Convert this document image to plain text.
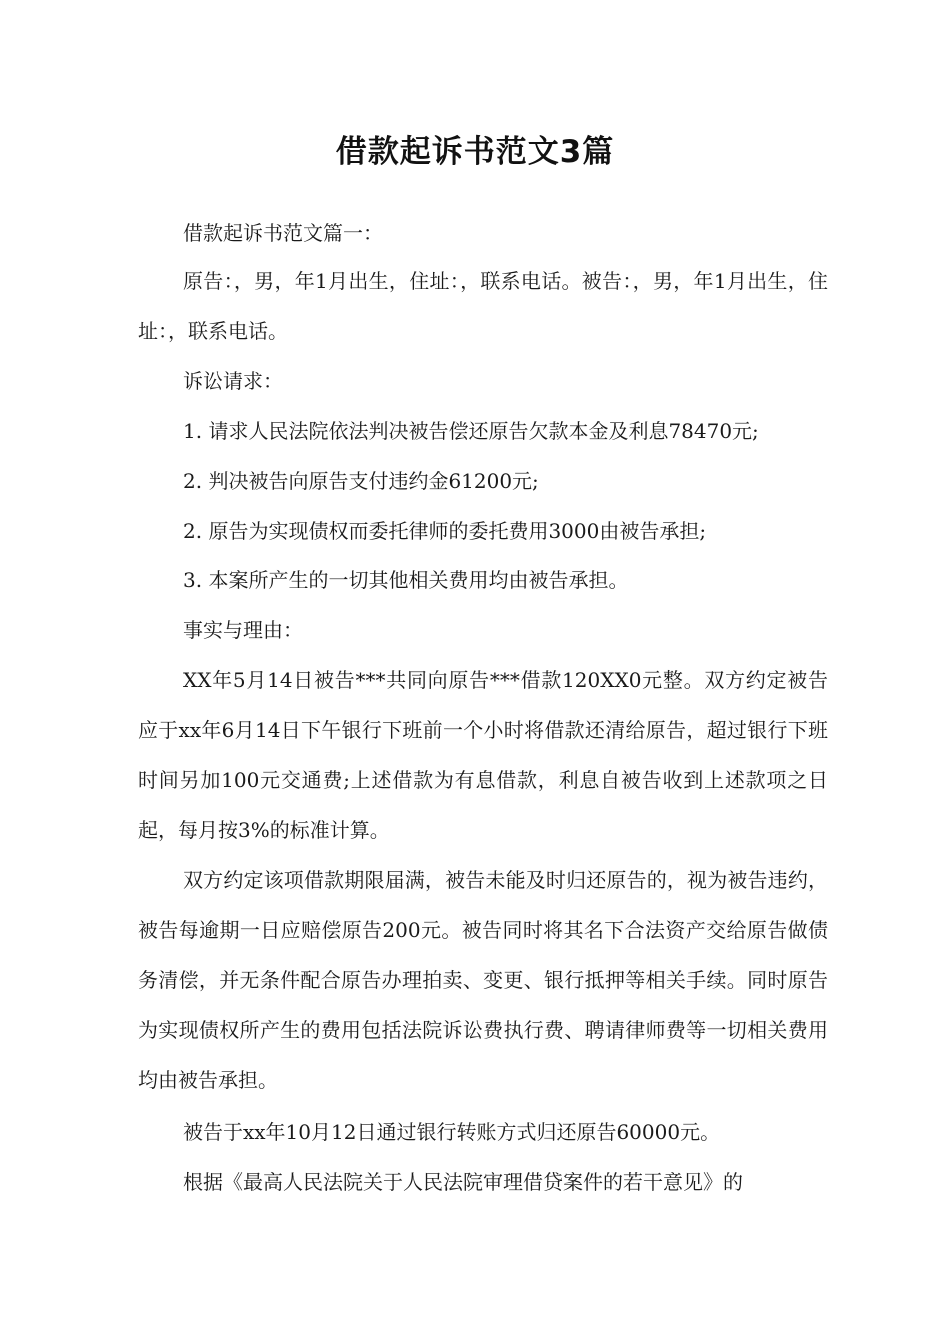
借款起诉书范文3篇

借款起诉书范文篇一：

原告：，男，年1月出生，住址：，联系电话。被告：，男，年1月出生，住址：，联系电话。

诉讼请求：

1. 请求人民法院依法判决被告偿还原告欠款本金及利息78470元;

2. 判决被告向原告支付违约金61200元;

2. 原告为实现债权而委托律师的委托费用3000由被告承担;

3. 本案所产生的一切其他相关费用均由被告承担。

事实与理由：

XX年5月14日被告***共同向原告***借款120XX0元整。双方约定被告应于xx年6月14日下午银行下班前一个小时将借款还清给原告，超过银行下班时间另加100元交通费;上述借款为有息借款，利息自被告收到上述款项之日起，每月按3%的标准计算。

双方约定该项借款期限届满，被告未能及时归还原告的，视为被告违约，被告每逾期一日应赔偿原告200元。被告同时将其名下合法资产交给原告做债务清偿，并无条件配合原告办理拍卖、变更、银行抵押等相关手续。同时原告为实现债权所产生的费用包括法院诉讼费执行费、聘请律师费等一切相关费用均由被告承担。

被告于xx年10月12日通过银行转账方式归还原告60000元。

根据《最高人民法院关于人民法院审理借贷案件的若干意见》的
